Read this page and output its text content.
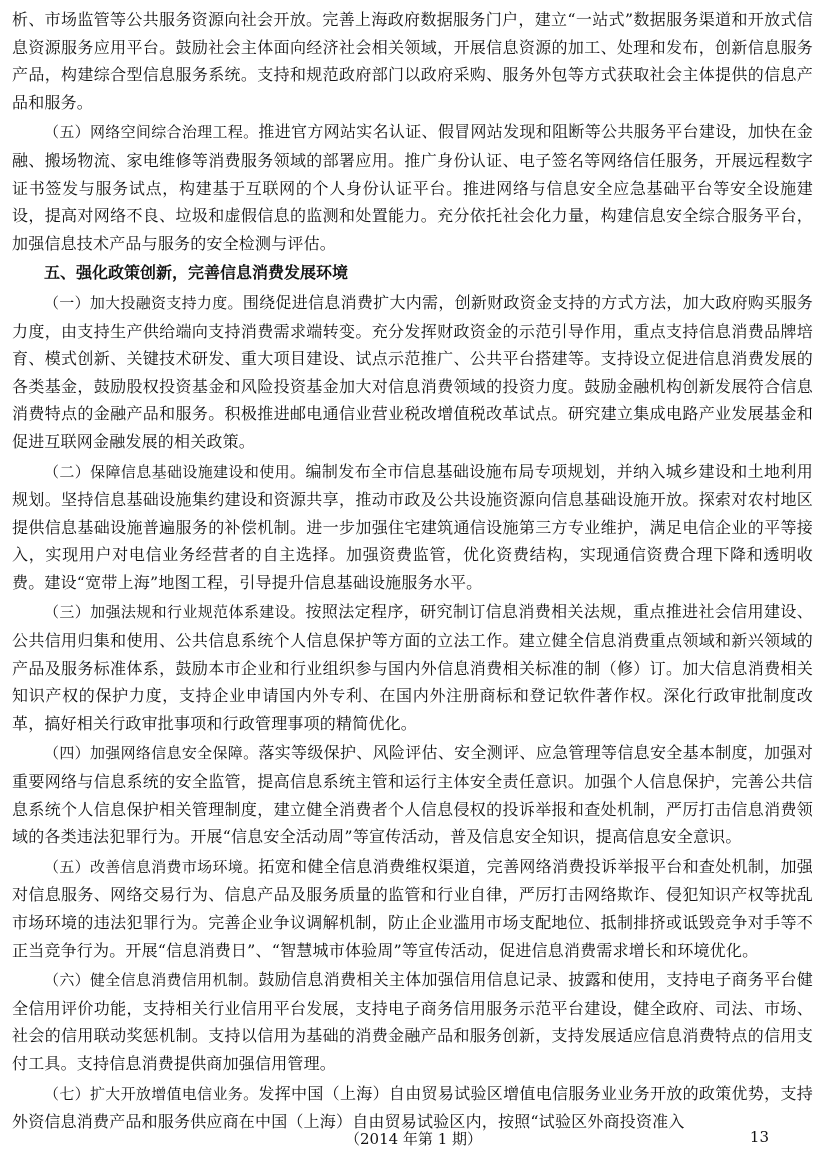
析、市场监管等公共服务资源向社会开放。完善上海政府数据服务门户，建立“一站式”数据服务渠道和开放式信息资源服务应用平台。鼓励社会主体面向经济社会相关领域，开展信息资源的加工、处理和发布，创新信息服务产品，构建综合型信息服务系统。支持和规范政府部门以政府采购、服务外包等方式获取社会主体提供的信息产品和服务。

（五）网络空间综合治理工程。推进官方网站实名认证、假冒网站发现和阻断等公共服务平台建设，加快在金融、搬场物流、家电维修等消费服务领域的部署应用。推广身份认证、电子签名等网络信任服务，开展远程数字证书签发与服务试点，构建基于互联网的个人身份认证平台。推进网络与信息安全应急基础平台等安全设施建设，提高对网络不良、垃圾和虚假信息的监测和处置能力。充分依托社会化力量，构建信息安全综合服务平台，加强信息技术产品与服务的安全检测与评估。

五、强化政策创新，完善信息消费发展环境

（一）加大投融资支持力度。围绕促进信息消费扩大内需，创新财政资金支持的方式方法，加大政府购买服务力度，由支持生产供给端向支持消费需求端转变。充分发挥财政资金的示范引导作用，重点支持信息消费品牌培育、模式创新、关键技术研发、重大项目建设、试点示范推广、公共平台搭建等。支持设立促进信息消费发展的各类基金，鼓励股权投资基金和风险投资基金加大对信息消费领域的投资力度。鼓励金融机构创新发展符合信息消费特点的金融产品和服务。积极推进邮电通信业营业税改增值税改革试点。研究建立集成电路产业发展基金和促进互联网金融发展的相关政策。

（二）保障信息基础设施建设和使用。编制发布全市信息基础设施布局专项规划，并纳入城乡建设和土地利用规划。坚持信息基础设施集约建设和资源共享，推动市政及公共设施资源向信息基础设施开放。探索对农村地区提供信息基础设施普遍服务的补偿机制。进一步加强住宅建筑通信设施第三方专业维护，满足电信企业的平等接入，实现用户对电信业务经营者的自主选择。加强资费监管，优化资费结构，实现通信资费合理下降和透明收费。建设“宽带上海”地图工程，引导提升信息基础设施服务水平。

（三）加强法规和行业规范体系建设。按照法定程序，研究制订信息消费相关法规，重点推进社会信用建设、公共信用归集和使用、公共信息系统个人信息保护等方面的立法工作。建立健全信息消费重点领域和新兴领域的产品及服务标准体系，鼓励本市企业和行业组织参与国内外信息消费相关标准的制（修）订。加大信息消费相关知识产权的保护力度，支持企业申请国内外专利、在国内外注册商标和登记软件著作权。深化行政审批制度改革，搞好相关行政审批事项和行政管理事项的精简优化。

（四）加强网络信息安全保障。落实等级保护、风险评估、安全测评、应急管理等信息安全基本制度，加强对重要网络与信息系统的安全监管，提高信息系统主管和运行主体安全责任意识。加强个人信息保护，完善公共信息系统个人信息保护相关管理制度，建立健全消费者个人信息侵权的投诉举报和查处机制，严厉打击信息消费领域的各类违法犯罪行为。开展“信息安全活动周”等宣传活动，普及信息安全知识，提高信息安全意识。

（五）改善信息消费市场环境。拓宽和健全信息消费维权渠道，完善网络消费投诉举报平台和查处机制，加强对信息服务、网络交易行为、信息产品及服务质量的监管和行业自律，严厉打击网络欺诈、侵犯知识产权等扰乱市场环境的违法犯罪行为。完善企业争议调解机制，防止企业滥用市场支配地位、抵制排挤或诋毁竞争对手等不正当竞争行为。开展“信息消费日”、“智慧城市体验周”等宣传活动，促进信息消费需求增长和环境优化。

（六）健全信息消费信用机制。鼓励信息消费相关主体加强信用信息记录、披露和使用，支持电子商务平台健全信用评价功能，支持相关行业信用平台发展，支持电子商务信用服务示范平台建设，健全政府、司法、市场、社会的信用联动奖惩机制。支持以信用为基础的消费金融产品和服务创新，支持发展适应信息消费特点的信用支付工具。支持信息消费提供商加强信用管理。

（七）扩大开放增值电信业务。发挥中国（上海）自由贸易试验区增值电信服务业业务开放的政策优势，支持外资信息消费产品和服务供应商在中国（上海）自由贸易试验区内，按照“试验区外商投资准入

（2014 年第 1 期）	13
